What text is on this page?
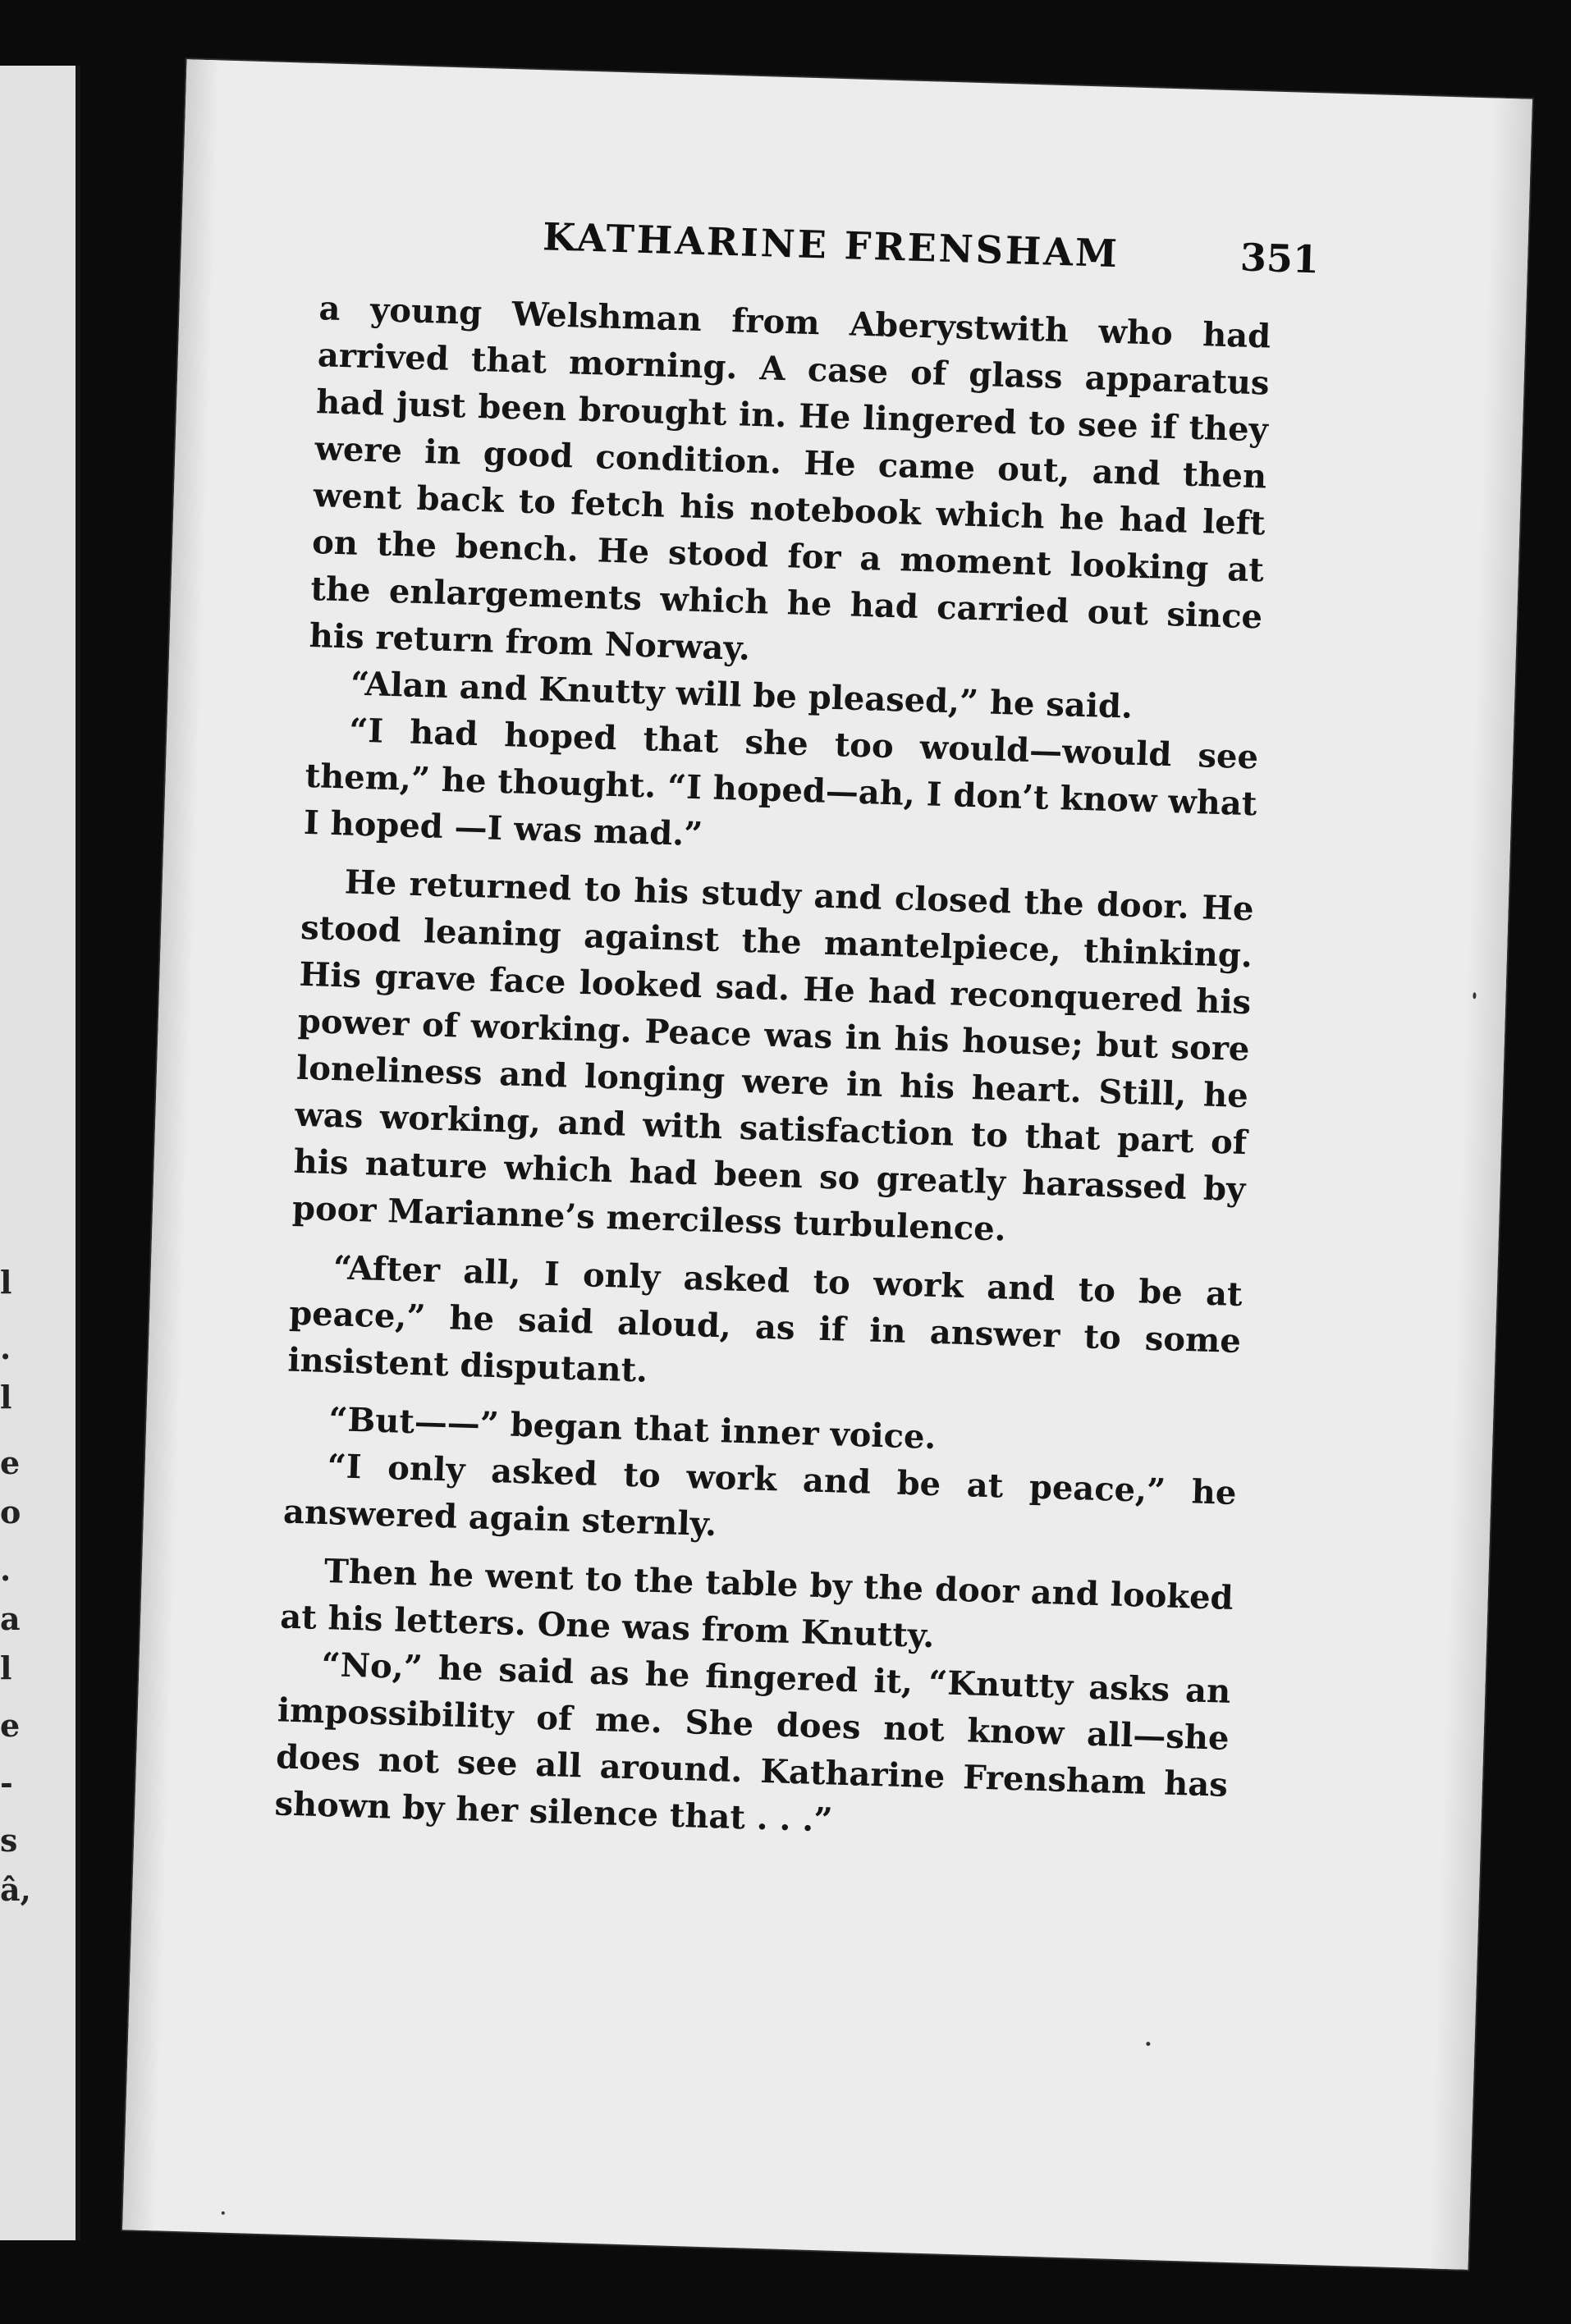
l
.
l
e
o
.
a
l
e
-
s
â,
KATHARINE FRENSHAM	351

a young Welshman from Aberystwith who had arrived that morning. A case of glass apparatus had just been brought in. He lingered to see if they were in good condition. He came out, and then went back to fetch his notebook which he had left on the bench. He stood for a moment looking at the enlargements which he had carried out since his return from Norway.

“Alan and Knutty will be pleased,” he said.

“I had hoped that she too would—would see them,” he thought. “I hoped—ah, I don’t know what I hoped —I was mad.”

He returned to his study and closed the door. He stood leaning against the mantelpiece, thinking. His grave face looked sad. He had reconquered his power of working. Peace was in his house; but sore loneliness and longing were in his heart. Still, he was working, and with satisfaction to that part of his nature which had been so greatly harassed by poor Marianne’s merciless turbulence.

“After all, I only asked to work and to be at peace,” he said aloud, as if in answer to some insistent disputant.

“But——” began that inner voice.

“I only asked to work and be at peace,” he answered again sternly.

Then he went to the table by the door and looked at his letters. One was from Knutty.

“No,” he said as he fingered it, “Knutty asks an impossibility of me. She does not know all—she does not see all around. Katharine Frensham has shown by her silence that . . .”
